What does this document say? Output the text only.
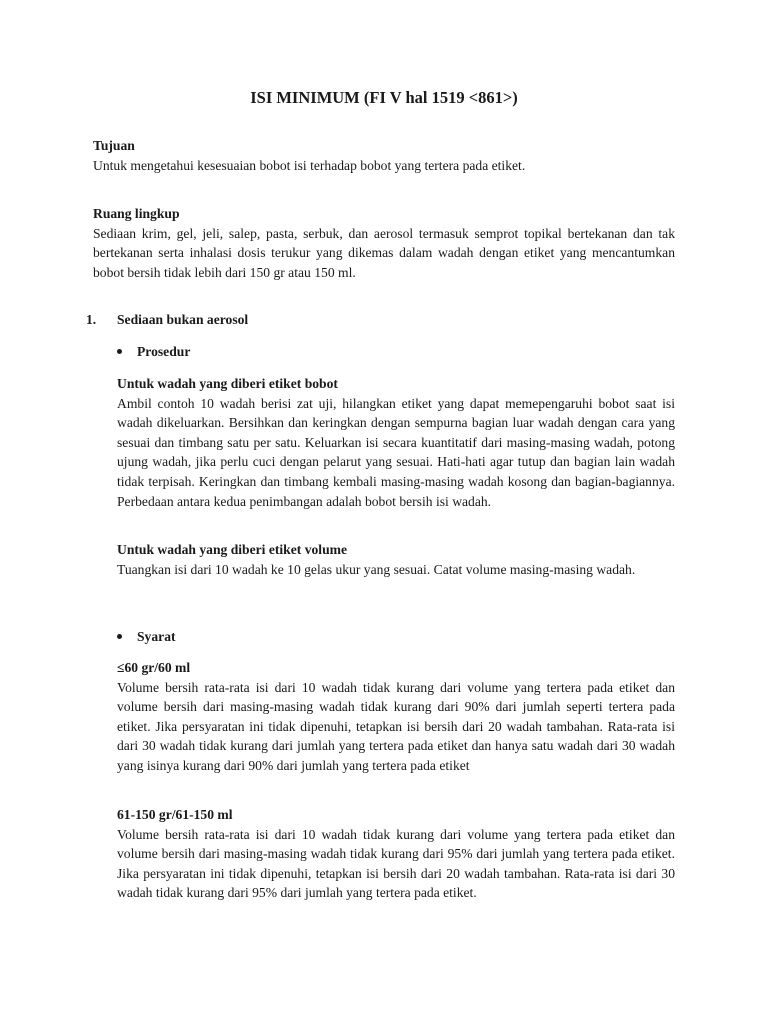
ISI MINIMUM (FI V hal 1519 <861>)

Tujuan

Untuk mengetahui kesesuaian bobot isi terhadap bobot yang tertera pada etiket.

Ruang lingkup

Sediaan krim, gel, jeli, salep, pasta, serbuk, dan aerosol termasuk semprot topikal bertekanan dan tak bertekanan serta inhalasi dosis terukur yang dikemas dalam wadah dengan etiket yang mencantumkan bobot bersih tidak lebih dari 150 gr atau 150 ml.

1. Sediaan bukan aerosol
Prosedur

Untuk wadah yang diberi etiket bobot

Ambil contoh 10 wadah berisi zat uji, hilangkan etiket yang dapat memepengaruhi bobot saat isi wadah dikeluarkan. Bersihkan dan keringkan dengan sempurna bagian luar wadah dengan cara yang sesuai dan timbang satu per satu. Keluarkan isi secara kuantitatif dari masing-masing wadah, potong ujung wadah, jika perlu cuci dengan pelarut yang sesuai. Hati-hati agar tutup dan bagian lain wadah tidak terpisah. Keringkan dan timbang kembali masing-masing wadah kosong dan bagian-bagiannya. Perbedaan antara kedua penimbangan adalah bobot bersih isi wadah.

Untuk wadah yang diberi etiket volume

Tuangkan isi dari 10 wadah ke 10 gelas ukur yang sesuai. Catat volume masing-masing wadah.

Syarat

≤60 gr/60 ml

Volume bersih rata-rata isi dari 10 wadah tidak kurang dari volume yang tertera pada etiket dan volume bersih dari masing-masing wadah tidak kurang dari 90% dari jumlah seperti tertera pada etiket. Jika persyaratan ini tidak dipenuhi, tetapkan isi bersih dari 20 wadah tambahan. Rata-rata isi dari 30 wadah tidak kurang dari jumlah yang tertera pada etiket dan hanya satu wadah dari 30 wadah yang isinya kurang dari 90% dari jumlah yang tertera pada etiket

61-150 gr/61-150 ml

Volume bersih rata-rata isi dari 10 wadah tidak kurang dari volume yang tertera pada etiket dan volume bersih dari masing-masing wadah tidak kurang dari 95% dari jumlah yang tertera pada etiket. Jika persyaratan ini tidak dipenuhi, tetapkan isi bersih dari 20 wadah tambahan. Rata-rata isi dari 30 wadah tidak kurang dari 95% dari jumlah yang tertera pada etiket.
